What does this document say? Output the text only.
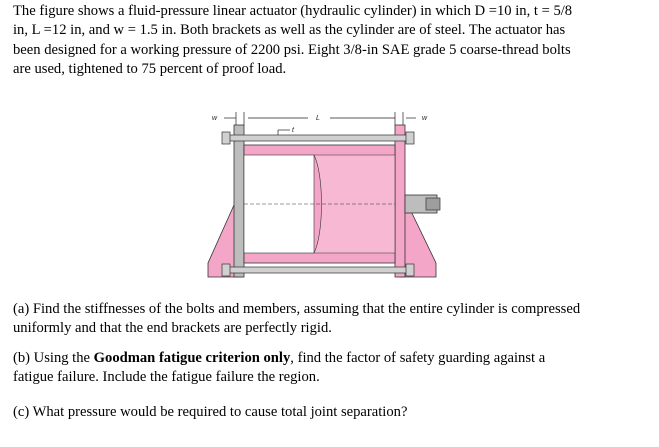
The figure shows a fluid-pressure linear actuator (hydraulic cylinder) in which D =10 in, t = 5/8
in, L =12 in, and w = 1.5 in. Both brackets as well as the cylinder are of steel. The actuator has
been designed for a working pressure of 2200 psi. Eight 3/8-in SAE grade 5 coarse-thread bolts
are used, tightened to 75 percent of proof load.
w	L	w
t
(a) Find the stiffnesses of the bolts and members, assuming that the entire cylinder is compressed
uniformly and that the end brackets are perfectly rigid.
(b) Using the Goodman fatigue criterion only, find the factor of safety guarding against a
fatigue failure. Include the fatigue failure the region.
(c) What pressure would be required to cause total joint separation?
